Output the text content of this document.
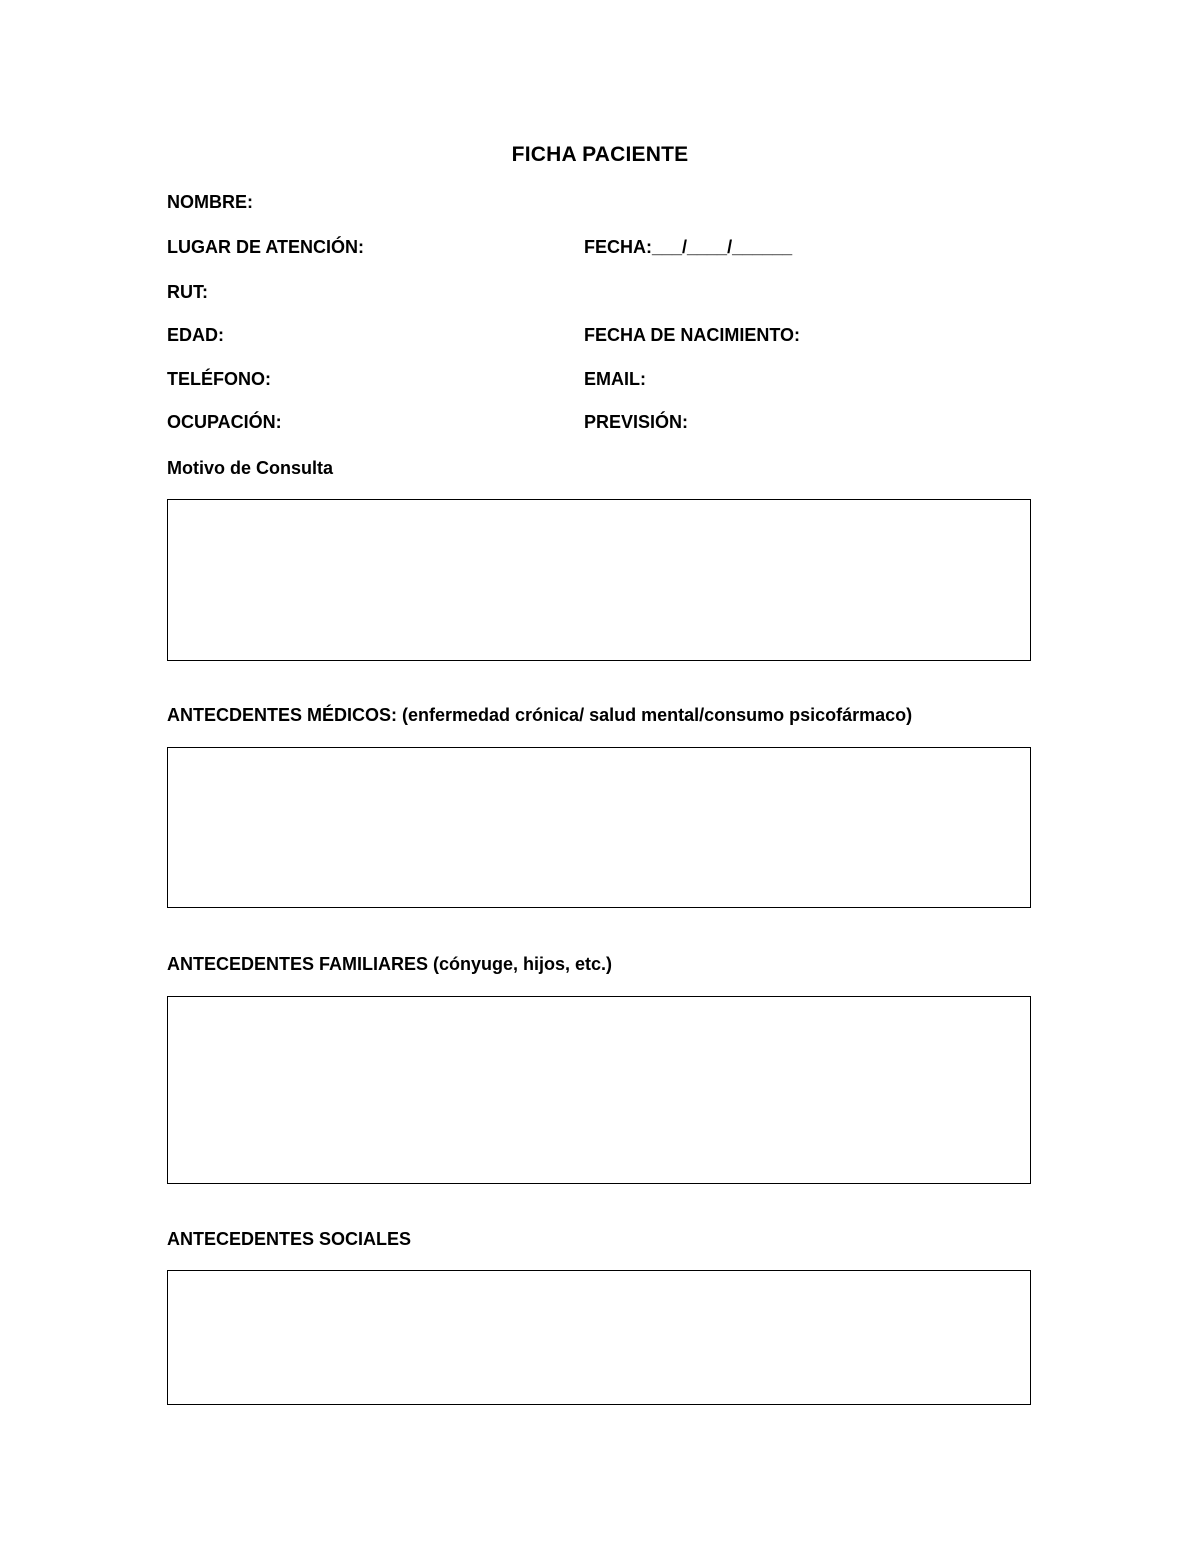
FICHA PACIENTE
NOMBRE:
LUGAR DE ATENCIÓN:	FECHA:___/____/______
RUT:
EDAD:	FECHA DE NACIMIENTO:
TELÉFONO:	EMAIL:
OCUPACIÓN:	PREVISIÓN:
Motivo de Consulta
ANTECDENTES MÉDICOS: (enfermedad crónica/ salud mental/consumo psicofármaco)
ANTECEDENTES FAMILIARES (cónyuge, hijos, etc.)
ANTECEDENTES SOCIALES
